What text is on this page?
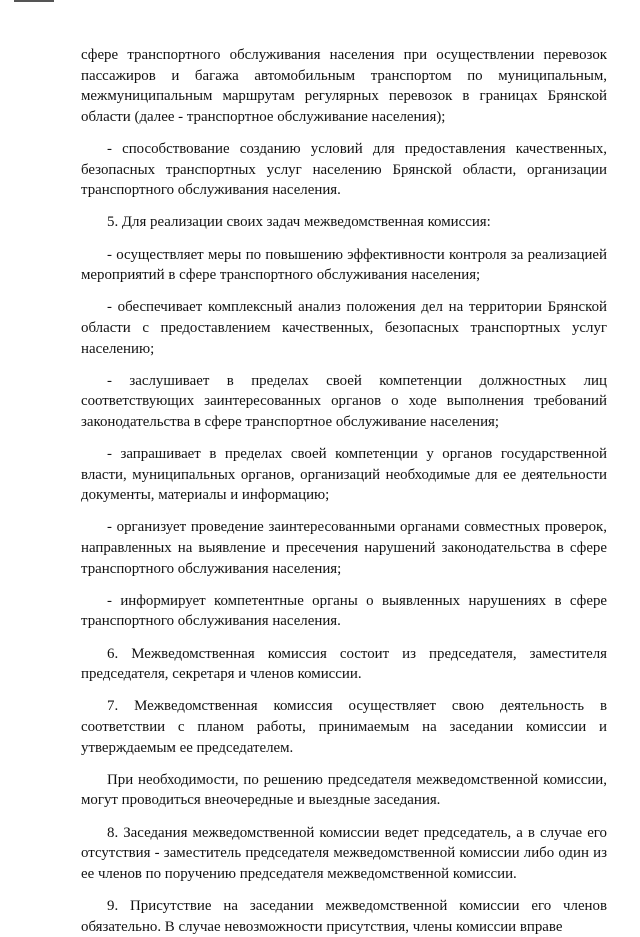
сфере транспортного обслуживания населения при осуществлении перевозок пассажиров и багажа автомобильным транспортом по муниципальным, межмуниципальным маршрутам регулярных перевозок в границах Брянской области (далее - транспортное обслуживание населения);

- способствование созданию условий для предоставления качественных, безопасных транспортных услуг населению Брянской области, организации транспортного обслуживания населения.

5. Для реализации своих задач межведомственная комиссия:

- осуществляет меры по повышению эффективности контроля за реализацией мероприятий в сфере транспортного обслуживания населения;

- обеспечивает комплексный анализ положения дел на территории Брянской области с предоставлением качественных, безопасных транспортных услуг населению;

- заслушивает в пределах своей компетенции должностных лиц соответствующих заинтересованных органов о ходе выполнения требований законодательства в сфере транспортное обслуживание населения;

- запрашивает в пределах своей компетенции у органов государственной власти, муниципальных органов, организаций необходимые для ее деятельности документы, материалы и информацию;

- организует проведение заинтересованными органами совместных проверок, направленных на выявление и пресечения нарушений законодательства в сфере транспортного обслуживания населения;

- информирует компетентные органы о выявленных нарушениях в сфере транспортного обслуживания населения.

6. Межведомственная комиссия состоит из председателя, заместителя председателя, секретаря и членов комиссии.

7. Межведомственная комиссия осуществляет свою деятельность в соответствии с планом работы, принимаемым на заседании комиссии и утверждаемым ее председателем.

При необходимости, по решению председателя межведомственной комиссии, могут проводиться внеочередные и выездные заседания.

8. Заседания межведомственной комиссии ведет председатель, а в случае его отсутствия - заместитель председателя межведомственной комиссии либо один из ее членов по поручению председателя межведомственной комиссии.

9. Присутствие на заседании межведомственной комиссии его членов обязательно. В случае невозможности присутствия, члены комиссии вправе
